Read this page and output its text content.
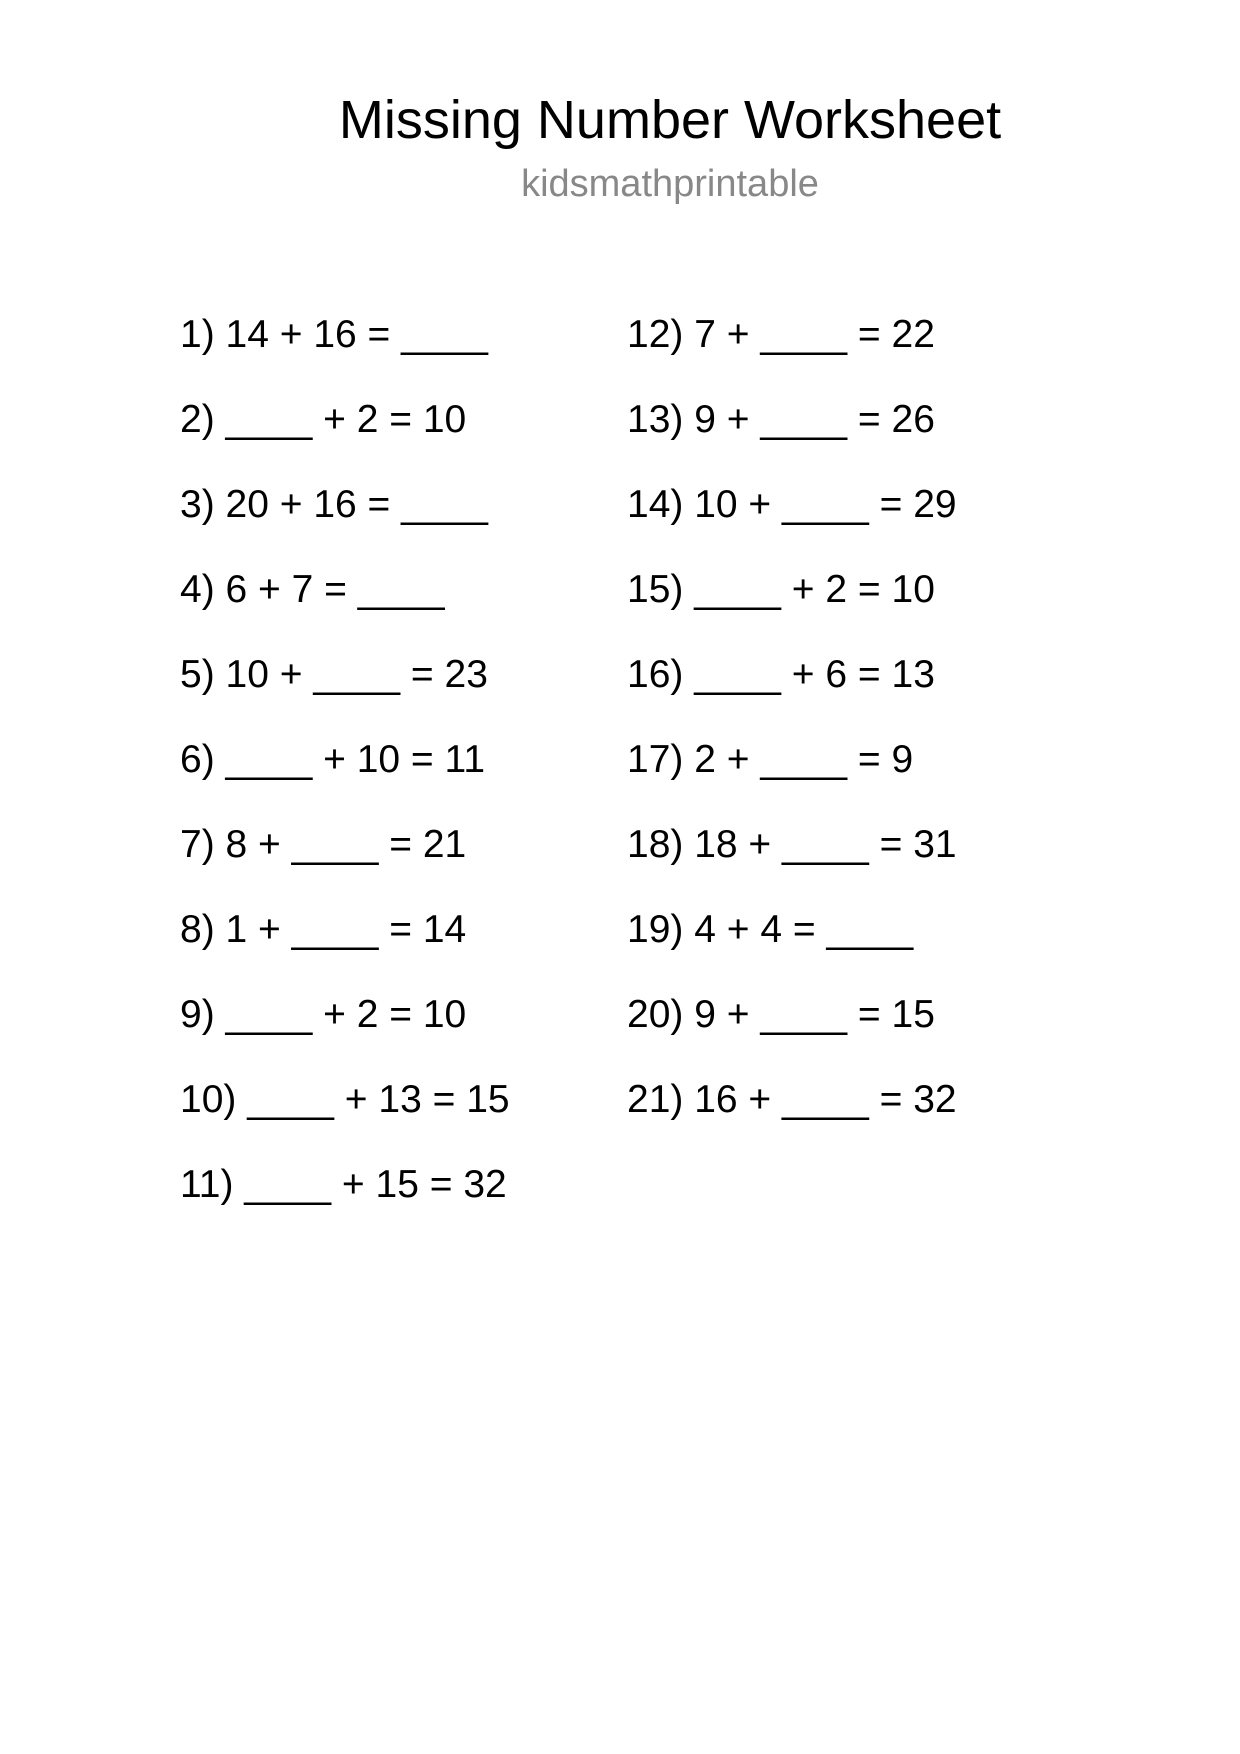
Missing Number Worksheet
kidsmathprintable
1) 14 + 16 = ____
2) ____ + 2 = 10
3) 20 + 16 = ____
4) 6 + 7 = ____
5) 10 + ____ = 23
6) ____ + 10 = 11
7) 8 + ____ = 21
8) 1 + ____ = 14
9) ____ + 2 = 10
10) ____ + 13 = 15
11) ____ + 15 = 32
12) 7 + ____ = 22
13) 9 + ____ = 26
14) 10 + ____ = 29
15) ____ + 2 = 10
16) ____ + 6 = 13
17) 2 + ____ = 9
18) 18 + ____ = 31
19) 4 + 4 = ____
20) 9 + ____ = 15
21) 16 + ____ = 32
